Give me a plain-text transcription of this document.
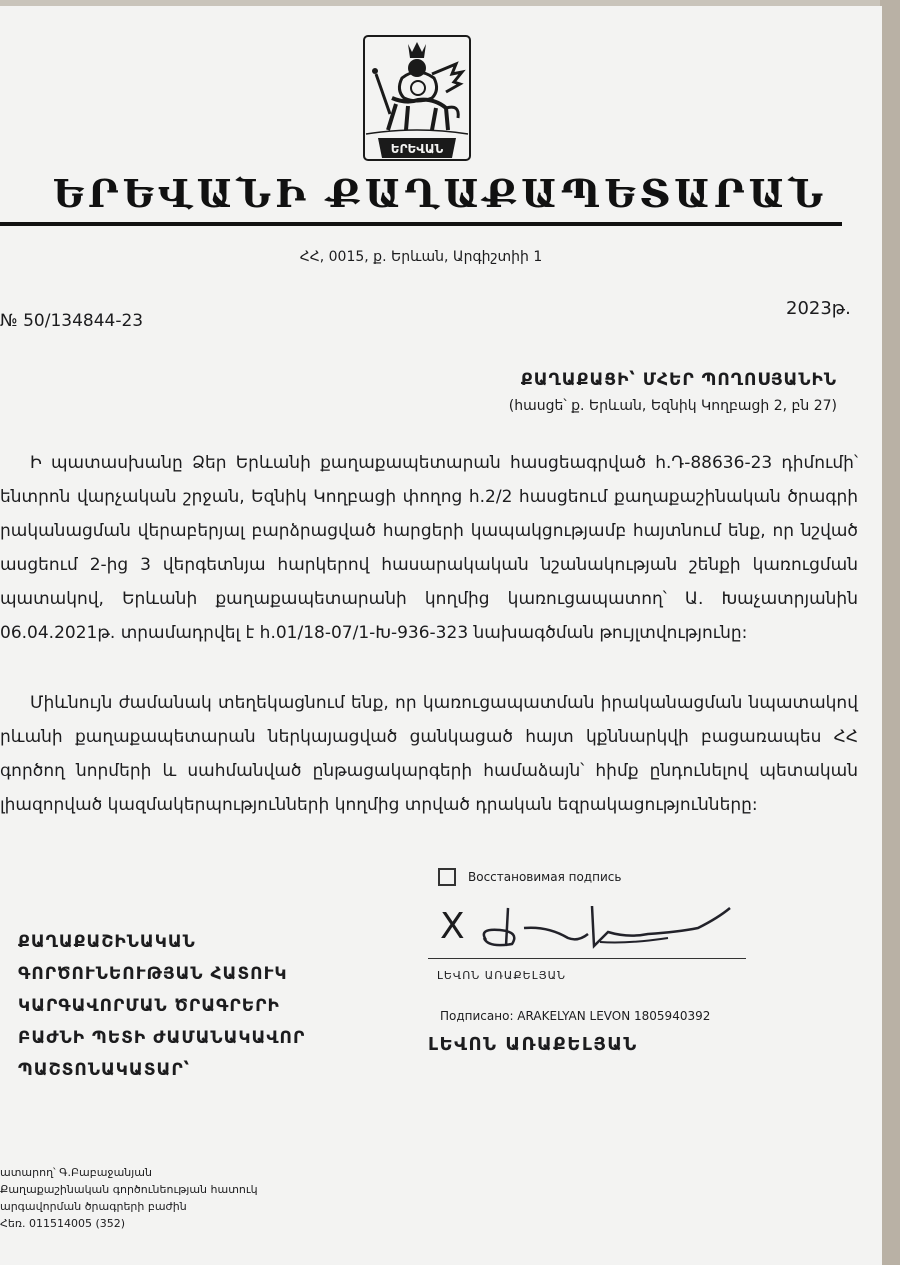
ԵՐԵՎԱՆ
ԵՐԵՎԱՆԻ ՔԱՂԱՔԱՊԵՏԱՐԱՆ
ՀՀ, 0015, ք. Երևան, Արգիշտիի 1
№ 50/134844-23
2023թ.
ՔԱՂԱՔԱՑԻ՝ ՄՀԵՐ ՊՈՂՈՍՅԱՆԻՆ
(հասցե՝ ք. Երևան, Եզնիկ Կողբացի 2, բն 27)
Ի պատասխանը Ձեր Երևանի քաղաքապետարան հասցեագրված հ.Դ-88636-23 դիմումի՝ ենտրոն վարչական շրջան, Եզնիկ Կողբացի փողոց հ.2/2 հասցեում քաղաքաշինական ծրագրի րականացման վերաբերյալ բարձրացված հարցերի կապակցությամբ հայտնում ենք, որ նշված ասցեում 2-ից 3 վերգետնյա հարկերով հասարակական նշանակության շենքի կառուցման պատակով, Երևանի քաղաքապետարանի կողմից կառուցապատող՝ Ա. Խաչատրյանին 06.04.2021թ. տրամադրվել է հ.01/18-07/1-Խ-936-323 նախագծման թույլտվությունը:
Միևնույն ժամանակ տեղեկացնում ենք, որ կառուցապատման իրականացման նպատակով րևանի քաղաքապետարան ներկայացված ցանկացած հայտ կքննարկվի բացառապես ՀՀ գործող նորմերի և սահմանված ընթացակարգերի համաձայն՝ հիմք ընդունելով պետական լիազորված կազմակերպությունների կողմից տրված դրական եզրակացությունները:
ՔԱՂԱՔԱՇԻՆԱԿԱՆ
ԳՈՐԾՈՒՆԵՈՒԹՅԱՆ ՀԱՏՈՒԿ
ԿԱՐԳԱՎՈՐՄԱՆ ԾՐԱԳՐԵՐԻ
ԲԱԺՆԻ ՊԵՏԻ ԺԱՄԱՆԱԿԱՎՈՐ
ՊԱՇՏՈՆԱԿԱՏԱՐ՝
Восстановимая подпись
X
ԼԵՎՈՆ ԱՌԱՔԵԼՅԱՆ
Подписано: ARAKELYAN LEVON 1805940392
ԼԵՎՈՆ ԱՌԱՔԵԼՅԱՆ
ատարող՝ Գ.Բաբաջանյան
Քաղաքաշինական գործունեության հատուկ
արգավորման ծրագրերի բաժին
Հեռ. 011514005 (352)
